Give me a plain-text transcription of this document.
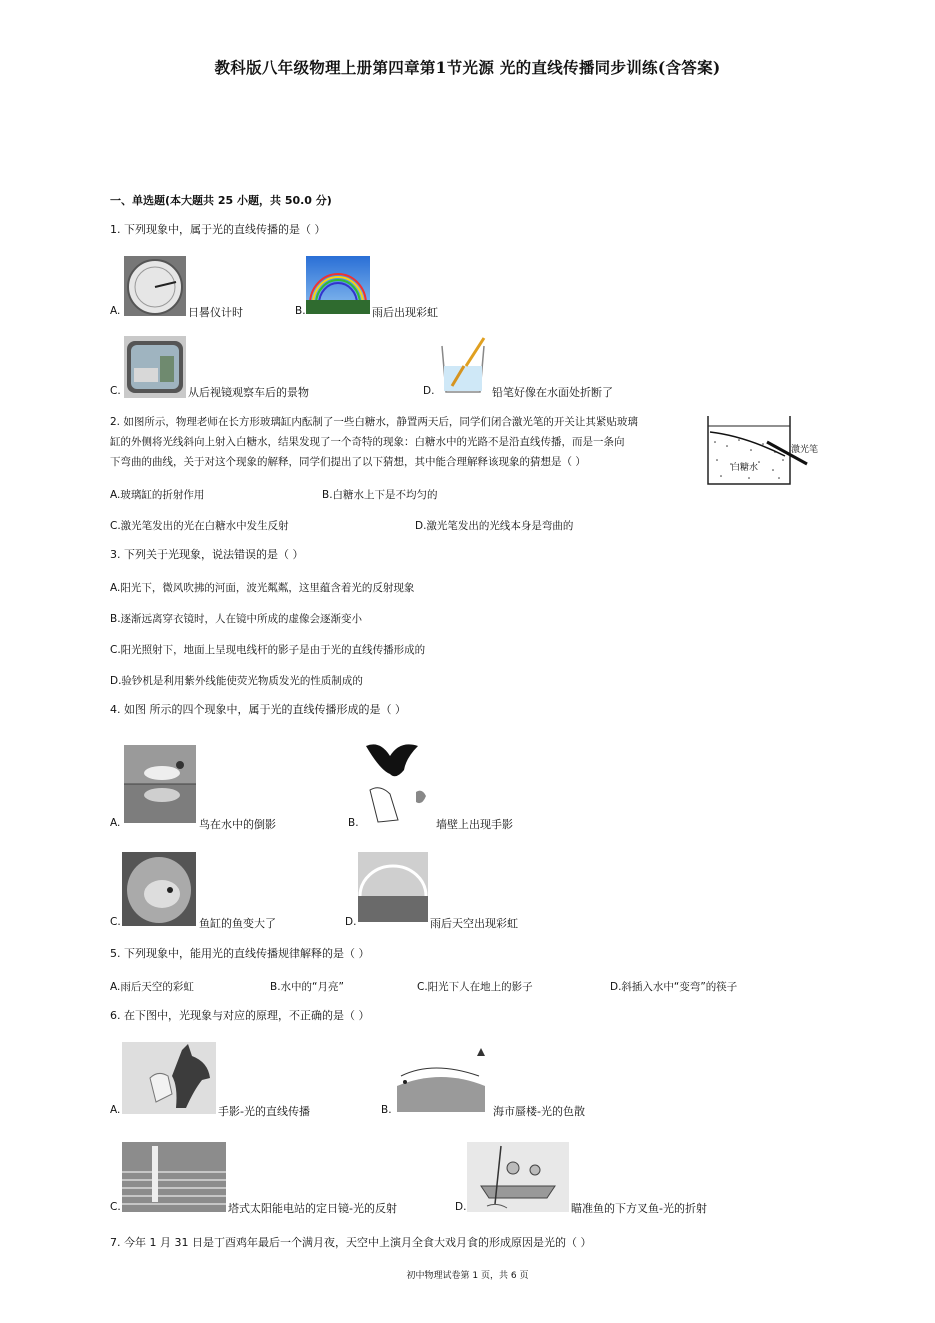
教科版八年级物理上册第四章第1节光源 光的直线传播同步训练(含答案)
一、单选题(本大题共 25 小题，共 50.0 分)
1. 下列现象中，属于光的直线传播的是（ ）
A.	日晷仪计时	B.	雨后出现彩虹
C.	从后视镜观察车后的景物	D.	铅笔好像在水面处折断了
2. 如图所示，物理老师在长方形玻璃缸内酝制了一些白糖水，静置两天后，同学们闭合激光笔的开关让其紧贴玻璃
缸的外侧将光线斜向上射入白糖水，结果发现了一个奇特的现象：白糖水中的光路不是沿直线传播，而是一条向
下弯曲的曲线，关于对这个现象的解释，同学们提出了以下猜想，其中能合理解释该现象的猜想是（ ）	白糖水
激光笔
A.玻璃缸的折射作用	B.白糖水上下是不均匀的
C.激光笔发出的光在白糖水中发生反射	D.激光笔发出的光线本身是弯曲的
3. 下列关于光现象，说法错误的是（ ）
A.阳光下，微风吹拂的河面，波光粼粼，这里蕴含着光的反射现象
B.逐渐远离穿衣镜时，人在镜中所成的虚像会逐渐变小
C.阳光照射下，地面上呈现电线杆的影子是由于光的直线传播形成的
D.验钞机是利用紫外线能使荧光物质发光的性质制成的
4. 如图 所示的四个现象中，属于光的直线传播形成的是（ ）
A.	鸟在水中的倒影	B.	墙壁上出现手影
C.	鱼缸的鱼变大了	D.	雨后天空出现彩虹
5. 下列现象中，能用光的直线传播规律解释的是（ ）
A.雨后天空的彩虹	B.水中的“月亮”	C.阳光下人在地上的影子	D.斜插入水中“变弯”的筷子
6. 在下图中，光现象与对应的原理，不正确的是（ ）
A.	手影-光的直线传播	B.	海市蜃楼-光的色散
C.	塔式太阳能电站的定日镜-光的反射	D.	瞄准鱼的下方叉鱼-光的折射
7. 今年 1 月 31 日是丁酉鸡年最后一个满月夜，天空中上演月全食大戏月食的形成原因是光的（ ）
初中物理试卷第 1 页，共 6 页
